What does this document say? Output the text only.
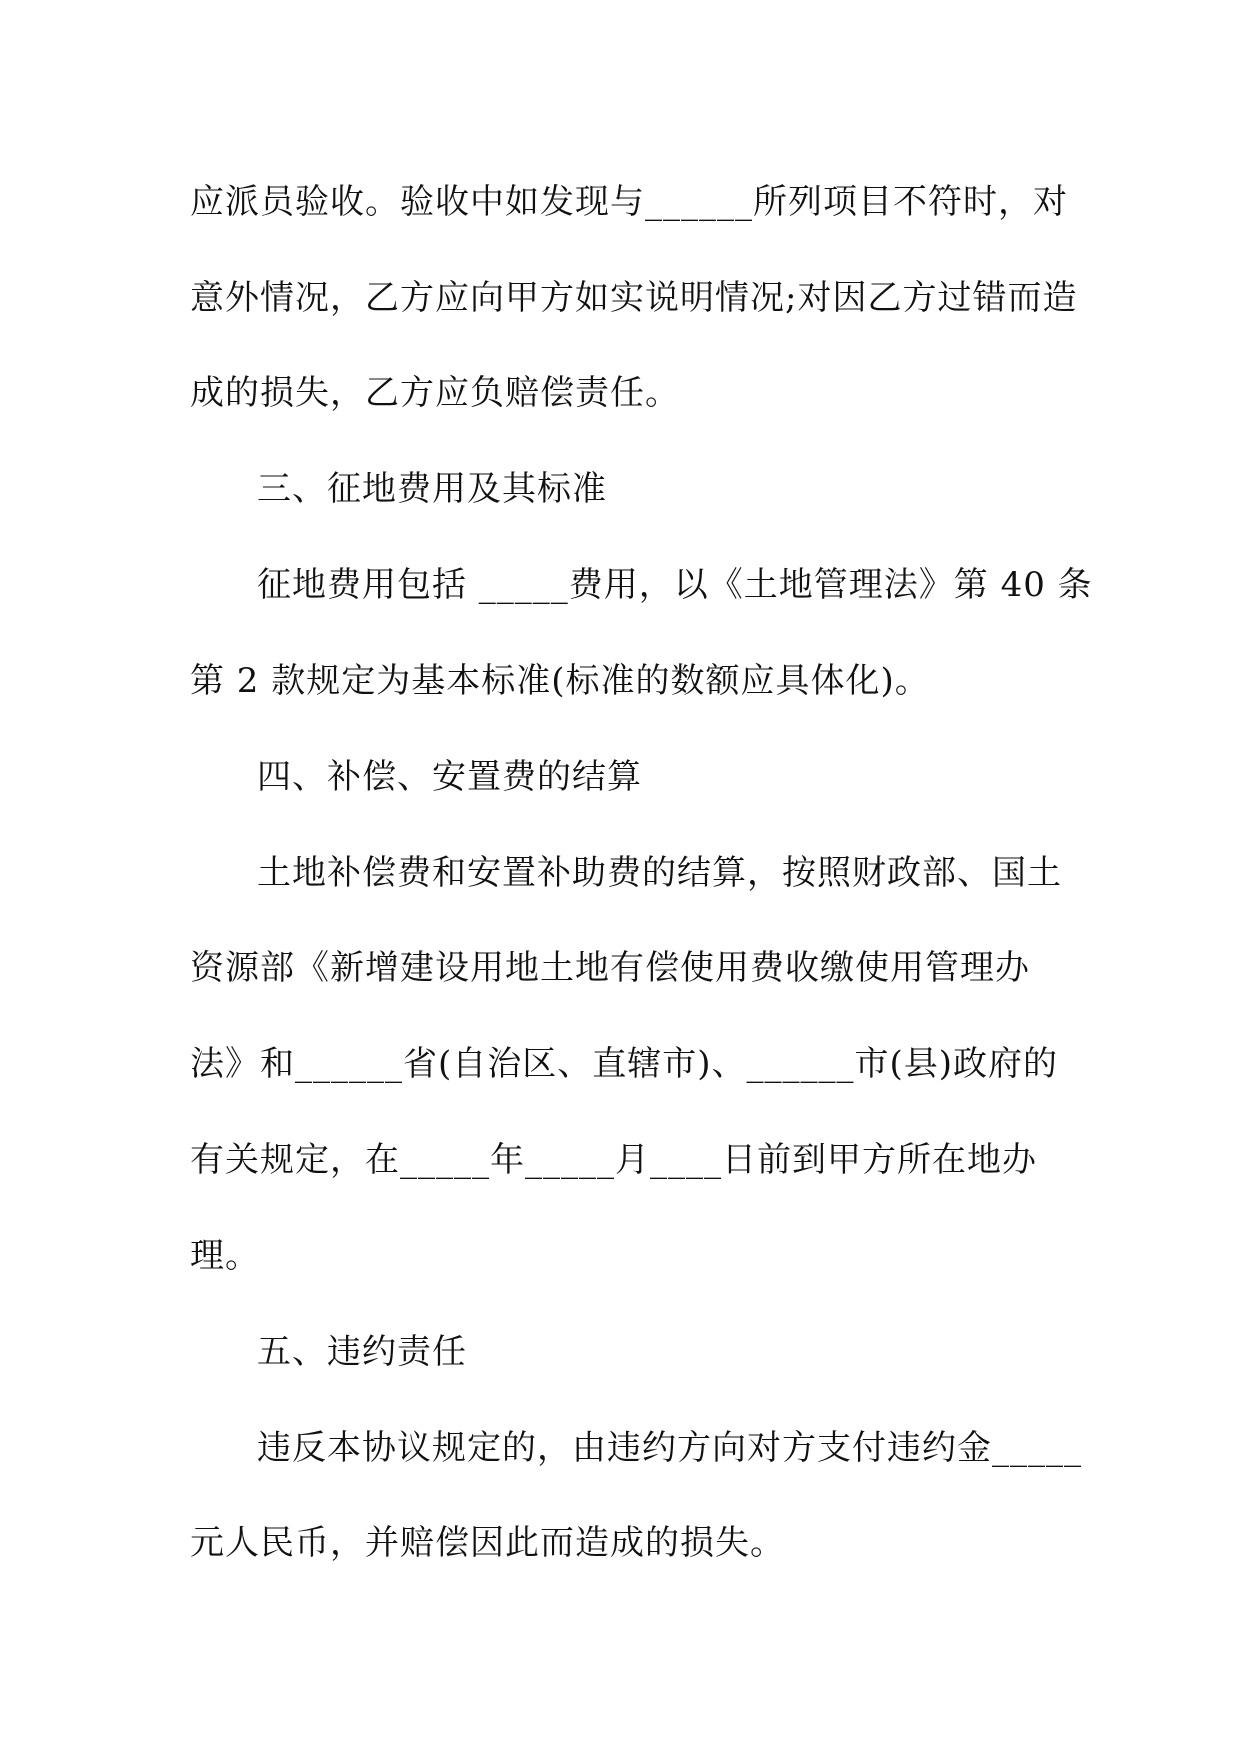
应派员验收。验收中如发现与______所列项目不符时，对

意外情况，乙方应向甲方如实说明情况;对因乙方过错而造

成的损失，乙方应负赔偿责任。

三、征地费用及其标准

征地费用包括 _____费用，以《土地管理法》第 40 条

第 2 款规定为基本标准(标准的数额应具体化)。

四、补偿、安置费的结算

土地补偿费和安置补助费的结算，按照财政部、国土

资源部《新增建设用地土地有偿使用费收缴使用管理办

法》和______省(自治区、直辖市)、______市(县)政府的

有关规定，在_____年_____月____日前到甲方所在地办

理。

五、违约责任

违反本协议规定的，由违约方向对方支付违约金_____

元人民币，并赔偿因此而造成的损失。
